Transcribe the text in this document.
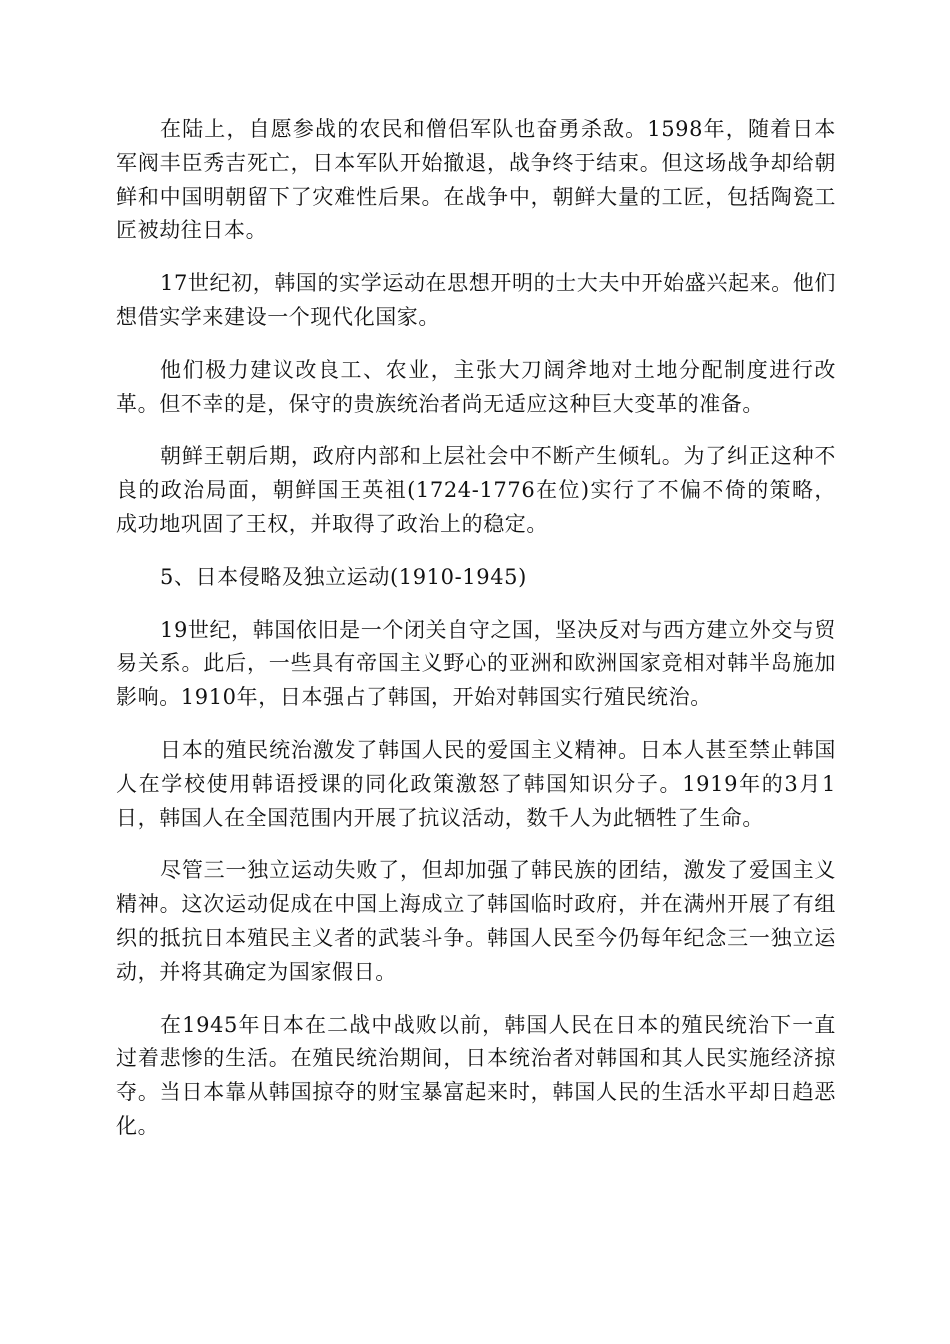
在陆上，自愿参战的农民和僧侣军队也奋勇杀敌。1598年，随着日本军阀丰臣秀吉死亡，日本军队开始撤退，战争终于结束。但这场战争却给朝鲜和中国明朝留下了灾难性后果。在战争中，朝鲜大量的工匠，包括陶瓷工匠被劫往日本。

17世纪初，韩国的实学运动在思想开明的士大夫中开始盛兴起来。他们想借实学来建设一个现代化国家。

他们极力建议改良工、农业，主张大刀阔斧地对土地分配制度进行改革。但不幸的是，保守的贵族统治者尚无适应这种巨大变革的准备。

朝鲜王朝后期，政府内部和上层社会中不断产生倾轧。为了纠正这种不良的政治局面，朝鲜国王英祖(1724-1776在位)实行了不偏不倚的策略，成功地巩固了王权，并取得了政治上的稳定。

5、日本侵略及独立运动(1910-1945)

19世纪，韩国依旧是一个闭关自守之国，坚决反对与西方建立外交与贸易关系。此后，一些具有帝国主义野心的亚洲和欧洲国家竞相对韩半岛施加影响。1910年，日本强占了韩国，开始对韩国实行殖民统治。

日本的殖民统治激发了韩国人民的爱国主义精神。日本人甚至禁止韩国人在学校使用韩语授课的同化政策激怒了韩国知识分子。1919年的3月1日，韩国人在全国范围内开展了抗议活动，数千人为此牺牲了生命。

尽管三一独立运动失败了，但却加强了韩民族的团结，激发了爱国主义精神。这次运动促成在中国上海成立了韩国临时政府，并在满州开展了有组织的抵抗日本殖民主义者的武装斗争。韩国人民至今仍每年纪念三一独立运动，并将其确定为国家假日。

在1945年日本在二战中战败以前，韩国人民在日本的殖民统治下一直过着悲惨的生活。在殖民统治期间，日本统治者对韩国和其人民实施经济掠夺。当日本靠从韩国掠夺的财宝暴富起来时，韩国人民的生活水平却日趋恶化。
